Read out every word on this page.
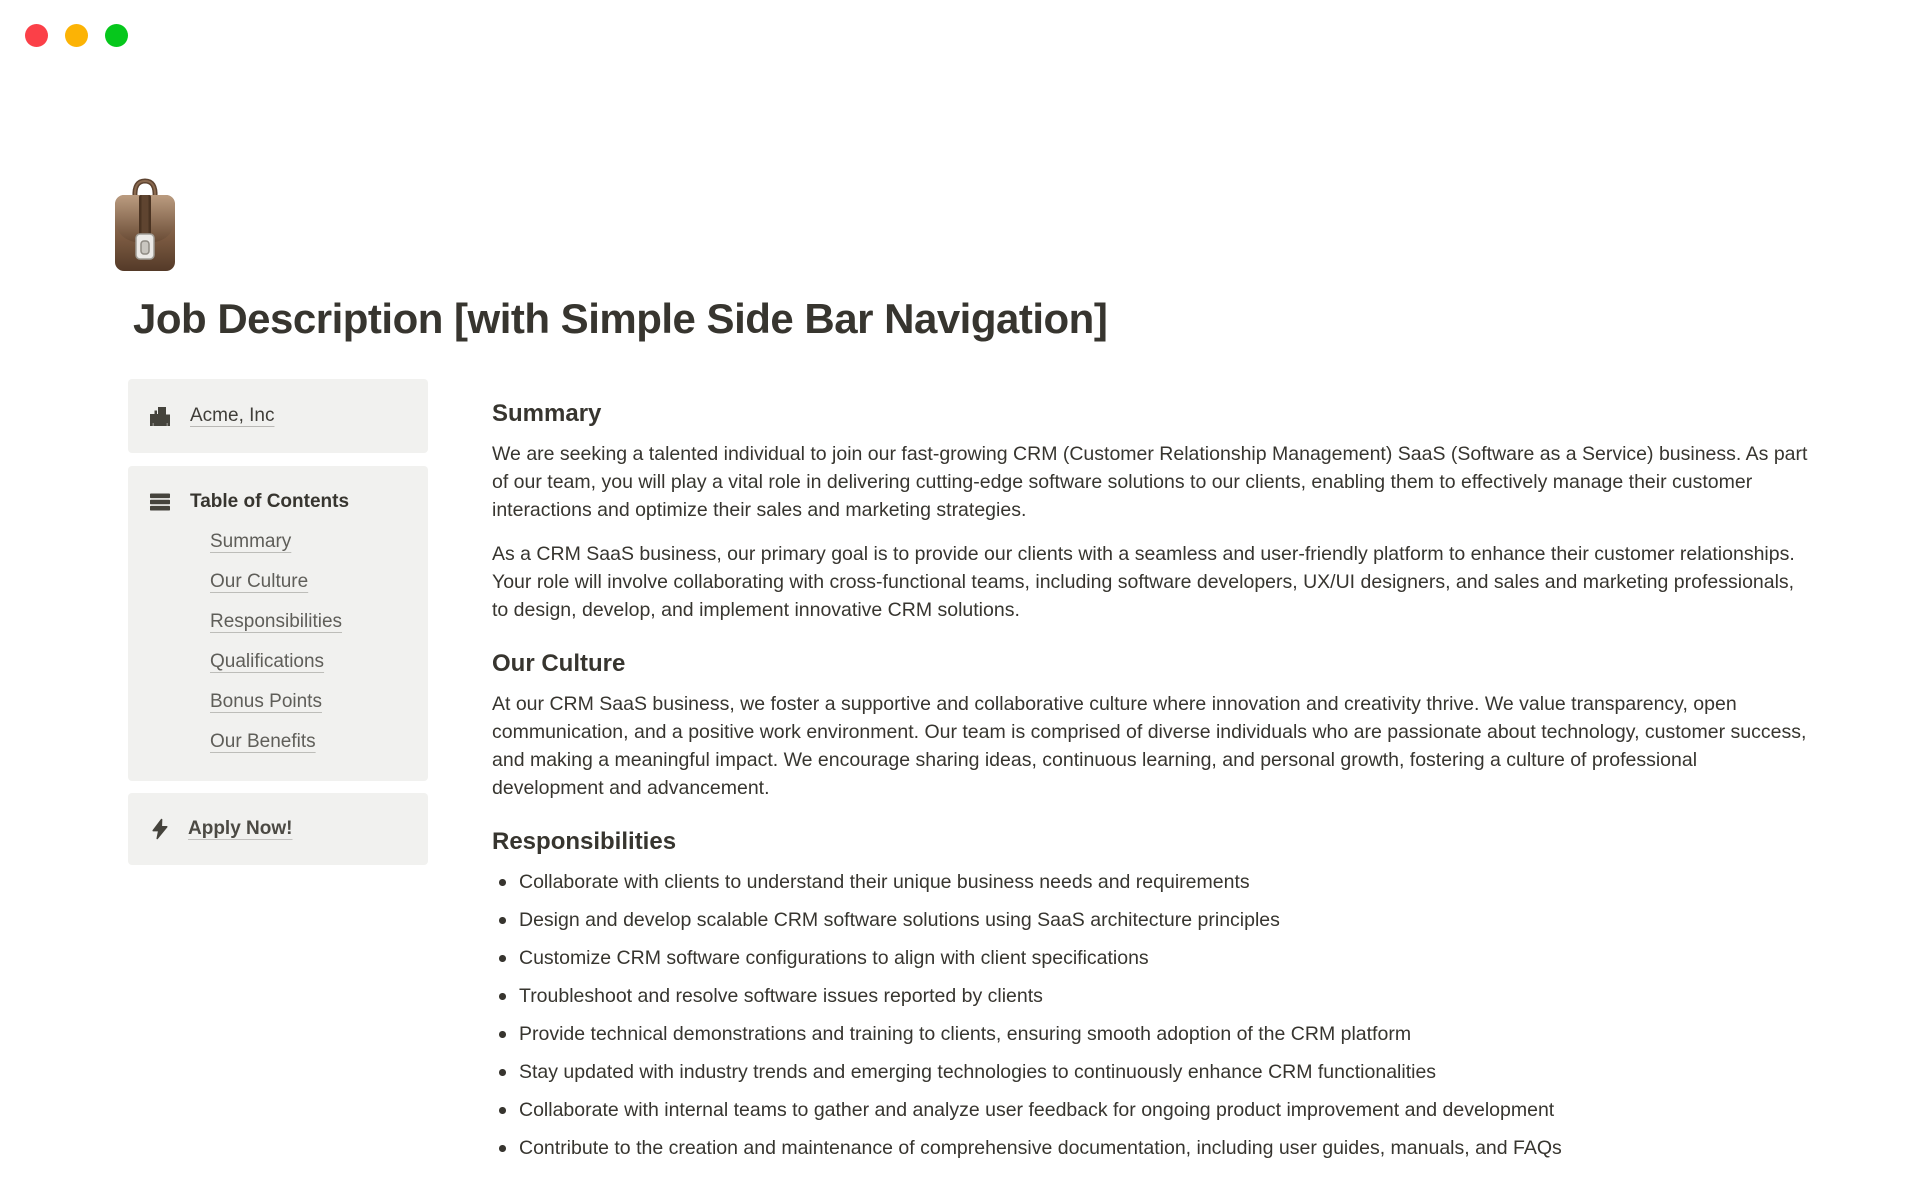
Job Description [with Simple Side Bar Navigation]
Acme, Inc
Table of Contents
Summary
Our Culture
Responsibilities
Qualifications
Bonus Points
Our Benefits
Apply Now!
Summary

We are seeking a talented individual to join our fast-growing CRM (Customer Relationship Management) SaaS (Software as a Service) business. As part of our team, you will play a vital role in delivering cutting-edge software solutions to our clients, enabling them to effectively manage their customer interactions and optimize their sales and marketing strategies.

As a CRM SaaS business, our primary goal is to provide our clients with a seamless and user-friendly platform to enhance their customer relationships. Your role will involve collaborating with cross-functional teams, including software developers, UX/UI designers, and sales and marketing professionals, to design, develop, and implement innovative CRM solutions.

Our Culture

At our CRM SaaS business, we foster a supportive and collaborative culture where innovation and creativity thrive. We value transparency, open communication, and a positive work environment. Our team is comprised of diverse individuals who are passionate about technology, customer success, and making a meaningful impact. We encourage sharing ideas, continuous learning, and personal growth, fostering a culture of professional development and advancement.

Responsibilities
Collaborate with clients to understand their unique business needs and requirements
Design and develop scalable CRM software solutions using SaaS architecture principles
Customize CRM software configurations to align with client specifications
Troubleshoot and resolve software issues reported by clients
Provide technical demonstrations and training to clients, ensuring smooth adoption of the CRM platform
Stay updated with industry trends and emerging technologies to continuously enhance CRM functionalities
Collaborate with internal teams to gather and analyze user feedback for ongoing product improvement and development
Contribute to the creation and maintenance of comprehensive documentation, including user guides, manuals, and FAQs
